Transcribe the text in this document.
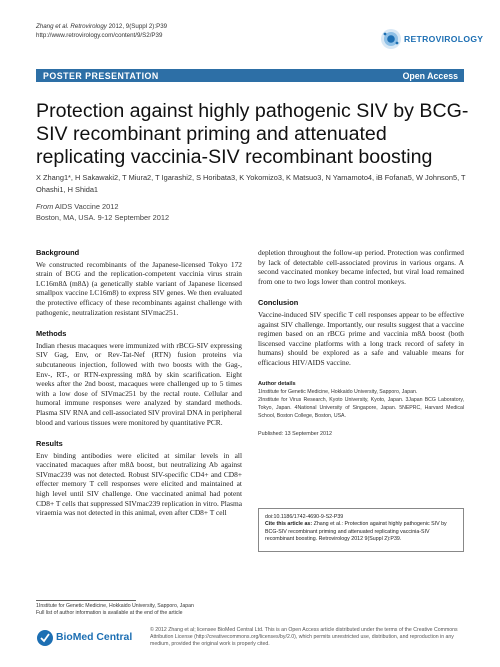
Zhang et al. Retrovirology 2012, 9(Suppl 2):P39
http://www.retrovirology.com/content/9/S2/P39	RETROVIROLOGY
POSTER PRESENTATION	Open Access
Protection against highly pathogenic SIV by BCG-SIV recombinant priming and attenuated replicating vaccinia-SIV recombinant boosting
X Zhang1*, H Sakawaki2, T Miura2, T Igarashi2, S Horibata3, K Yokomizo3, K Matsuo3, N Yamamoto4, iB Fofana5, W Johnson5, T Ohashi1, H Shida1
From AIDS Vaccine 2012
Boston, MA, USA. 9-12 September 2012
Background

We constructed recombinants of the Japanese-licensed Tokyo 172 strain of BCG and the replication-competent vaccinia virus strain LC16m8Δ (m8Δ) (a genetically stable variant of Japanese licensed smallpox vaccine LC16m8) to express SIV genes. We then evaluated the protective efficacy of these recombinants against challenge with pathogenic, neutralization resistant SIVmac251.

Methods

Indian rhesus macaques were immunized with rBCG-SIV expressing SIV Gag, Env, or Rev-Tat-Nef (RTN) fusion proteins via subcutaneous injection, followed with two boosts with the Gag-, Env-, RT-, or RTN-expressing m8Δ by skin scarification. Eight weeks after the 2nd boost, macaques were challenged up to 5 times with a low dose of SIVmac251 by the rectal route. Cellular and humoral immune responses were analyzed by standard methods. Plasma SIV RNA and cell-associated SIV proviral DNA in peripheral blood and various tissues were monitored by quantitative PCR.

Results

Env binding antibodies were elicited at similar levels in all vaccinated macaques after m8Δ boost, but neutralizing Ab against SIVmac239 was not detected. Robust SIV-specific CD4+ and CD8+ effecter memory T cell responses were elicited and maintained at high level until SIV challenge. One vaccinated animal had potent CD8+ T cells that suppressed SIVmac239 replication in vitro. Plasma viraemia was not detected in this animal, even after CD8+ T cell

depletion throughout the follow-up period. Protection was confirmed by lack of detectable cell-associated provirus in various organs. A second vaccinated monkey became infected, but viral load remained from one to two logs lower than control monkeys.

Conclusion

Vaccine-induced SIV specific T cell responses appear to be effective against SIV challenge. Importantly, our results suggest that a vaccine regimen based on an rBCG prime and vaccinia m8Δ boost (both liscensed vaccine platforms with a long track record of safety in humans) should be explored as a safe and valuable means for efficacious HIV/AIDS vaccine.

Author details
1Institute for Genetic Medicine, Hokkaido University, Sapporo, Japan.
2Institute for Virus Research, Kyoto University, Kyoto, Japan. 3Japan BCG Laboratory, Tokyo, Japan. 4National University of Singapore, Japan. 5NEPRC, Harvard Medical School, Boston College, Boston, USA.
Published: 13 September 2012
doi:10.1186/1742-4690-9-S2-P39
Cite this article as: Zhang et al.: Protection against highly pathogenic SIV by BCG-SIV recombinant priming and attenuated replicating vaccinia-SIV recombinant boosting. Retrovirology 2012 9(Suppl 2):P39.
1Institute for Genetic Medicine, Hokkaido University, Sapporo, Japan
Full list of author information is available at the end of the article
BioMed Central
© 2012 Zhang et al; licensee BioMed Central Ltd. This is an Open Access article distributed under the terms of the Creative Commons Attribution License (http://creativecommons.org/licenses/by/2.0), which permits unrestricted use, distribution, and reproduction in any medium, provided the original work is properly cited.
